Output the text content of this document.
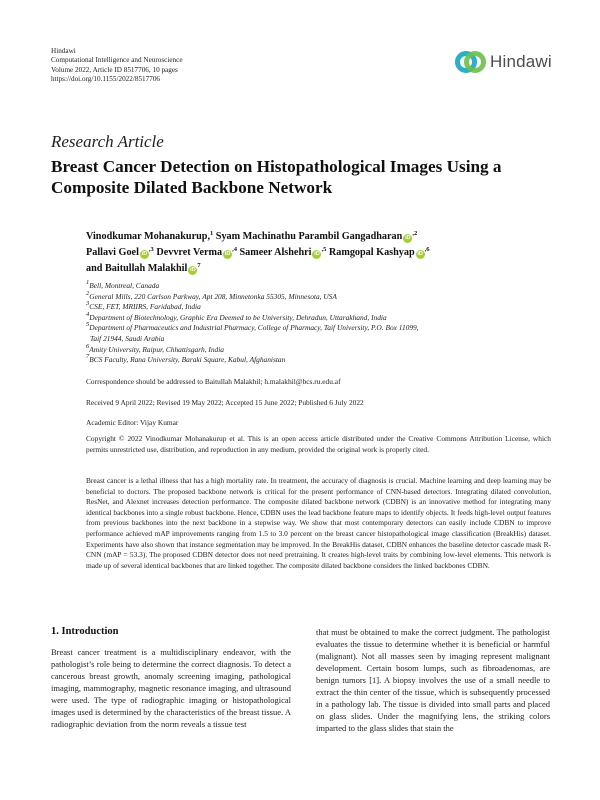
Hindawi
Computational Intelligence and Neuroscience
Volume 2022, Article ID 8517706, 10 pages
https://doi.org/10.1155/2022/8517706
Hindawi
Research Article
Breast Cancer Detection on Histopathological Images Using a Composite Dilated Backbone Network
Vinodkumar Mohanakurup,$^1$ Syam Machinathu Parambil Gangadharan $iD^{,2}$
Pallavi Goel $iD^{,3}$ Devvret Verma $iD^{,4}$ Sameer Alshehri $iD^{,5}$ Ramgopal Kashyap $iD^{,6}$
and Baitullah Malakhil $iD^7$
$^1$Bell, Montreal, Canada
$^2$General Mills, 220 Carlson Parkway, Apt 208, Minnetonka 55305, Minnesota, USA
$^3$CSE, FET, MRIIRS, Faridabad, India
$^4$Department of Biotechnology, Graphic Era Deemed to be University, Dehradun, Uttarakhand, India
$^5$Department of Pharmaceutics and Industrial Pharmacy, College of Pharmacy, Taif University, P.O. Box 11099,
Taif 21944, Saudi Arabia
$^6$Amity University, Raipur, Chhattisgarh, India
$^7$BCS Faculty, Rana University, Baraki Square, Kabul, Afghanistan
Correspondence should be addressed to Baitullah Malakhil; h.malakhil@bcs.ru.edu.af
Received 9 April 2022; Revised 19 May 2022; Accepted 15 June 2022; Published 6 July 2022
Academic Editor: Vijay Kumar
Copyright © 2022 Vinodkumar Mohanakurup et al. This is an open access article distributed under the Creative Commons Attribution License, which permits unrestricted use, distribution, and reproduction in any medium, provided the original work is properly cited.
Breast cancer is a lethal illness that has a high mortality rate. In treatment, the accuracy of diagnosis is crucial. Machine learning and deep learning may be beneficial to doctors. The proposed backbone network is critical for the present performance of CNN-based detectors. Integrating dilated convolution, ResNet, and Alexnet increases detection performance. The composite dilated backbone network (CDBN) is an innovative method for integrating many identical backbones into a single robust backbone. Hence, CDBN uses the lead backbone feature maps to identify objects. It feeds high-level output features from previous backbones into the next backbone in a stepwise way. We show that most contemporary detectors can easily include CDBN to improve performance achieved mAP improvements ranging from 1.5 to 3.0 percent on the breast cancer histopathological image classification (BreakHis) dataset. Experiments have also shown that instance segmentation may be improved. In the BreakHis dataset, CDBN enhances the baseline detector cascade mask R-CNN (mAP = 53.3). The proposed CDBN detector does not need pretraining. It creates high-level traits by combining low-level elements. This network is made up of several identical backbones that are linked together. The composite dilated backbone considers the linked backbones CDBN.
1. Introduction
Breast cancer treatment is a multidisciplinary endeavor, with the pathologist’s role being to determine the correct diagnosis. To detect a cancerous breast growth, anomaly screening imaging, pathological imaging, mammography, magnetic resonance imaging, and ultrasound were used. The type of radiographic imaging or histopathological images used is determined by the characteristics of the breast tissue. A radiographic deviation from the norm reveals a tissue test
that must be obtained to make the correct judgment. The pathologist evaluates the tissue to determine whether it is beneficial or harmful (malignant). Not all masses seen by imaging represent malignant development. Certain bosom lumps, such as fibroadenomas, are benign tumors [1]. A biopsy involves the use of a small needle to extract the thin center of the tissue, which is subsequently processed in a pathology lab. The tissue is divided into small parts and placed on glass slides. Under the magnifying lens, the striking colors imparted to the glass slides that stain the
